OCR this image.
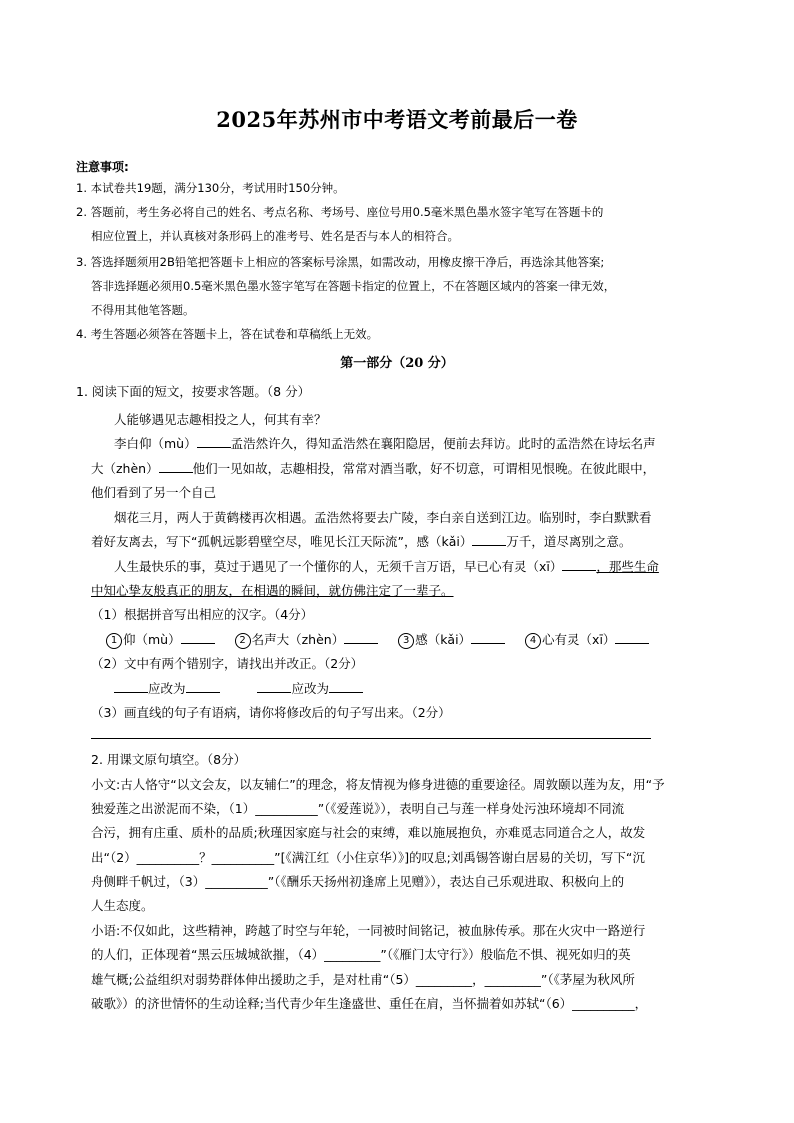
2025年苏州市中考语文考前最后一卷
注意事项:
1. 本试卷共19题，满分130分，考试用时150分钟。
2. 答题前，考生务必将自己的姓名、考点名称、考场号、座位号用0.5毫米黑色墨水签字笔写在答题卡的
相应位置上，并认真核对条形码上的准考号、姓名是否与本人的相符合。
3. 答选择题须用2B铅笔把答题卡上相应的答案标号涂黑，如需改动，用橡皮擦干净后，再选涂其他答案;
答非选择题必须用0.5毫米黑色墨水签字笔写在答题卡指定的位置上，不在答题区域内的答案一律无效，
不得用其他笔答题。
4. 考生答题必须答在答题卡上，答在试卷和草稿纸上无效。
第一部分（20 分）
1. 阅读下面的短文，按要求答题。（8 分）
人能够遇见志趣相投之人，何其有幸？
李白仰（mù）	孟浩然许久，得知孟浩然在襄阳隐居，便前去拜访。此时的孟浩然在诗坛名声
大（zhèn）	他们一见如故，志趣相投，常常对酒当歌，好不切意，可谓相见恨晚。在彼此眼中，
他们看到了另一个自己
烟花三月，两人于黄鹤楼再次相遇。孟浩然将要去广陵，李白亲自送到江边。临别时，李白默默看
着好友离去，写下“孤帆远影碧壁空尽，唯见长江天际流”，感（kǎi）	万千，道尽离别之意。
人生最快乐的事，莫过于遇见了一个懂你的人，无须千言万语，早已心有灵（xī）	，那些生命
中知心挚友般真正的朋友，在相遇的瞬间，就仿佛注定了一辈子。
（1）根据拼音写出相应的汉字。（4分）
1 仰（mù）	2 名声大（zhèn）	3 感（kǎi）	4 心有灵（xī）
（2）文中有两个错别字，请找出并改正。（2分）
应改为	应改为
（3）画直线的句子有语病，请你将修改后的句子写出来。（2分）
2. 用课文原句填空。（8分）
小文:古人恪守“以文会友，以友辅仁”的理念，将友情视为修身进德的重要途径。周敦颐以莲为友，用“予
独爱莲之出淤泥而不染，（1）__________”（《爱莲说》），表明自己与莲一样身处污浊环境却不同流
合污，拥有庄重、质朴的品质;秋瑾因家庭与社会的束缚，难以施展抱负，亦难觅志同道合之人，故发
出“（2）__________？__________”[《满江红（小住京华）》]的叹息;刘禹锡答谢白居易的关切，写下“沉
舟侧畔千帆过，（3）__________”（《酬乐天扬州初逢席上见赠》），表达自己乐观进取、积极向上的
人生态度。
小语:不仅如此，这些精神，跨越了时空与年轮，一同被时间铭记，被血脉传承。那在火灾中一路逆行
的人们，正体现着“黑云压城城欲摧，（4）_________”（《雁门太守行》）般临危不惧、视死如归的英
雄气概;公益组织对弱势群体伸出援助之手，是对杜甫“（5）_________，_________”（《茅屋为秋风所
破歌》）的济世情怀的生动诠释;当代青少年生逢盛世、重任在肩，当怀揣着如苏轼“（6）__________，
